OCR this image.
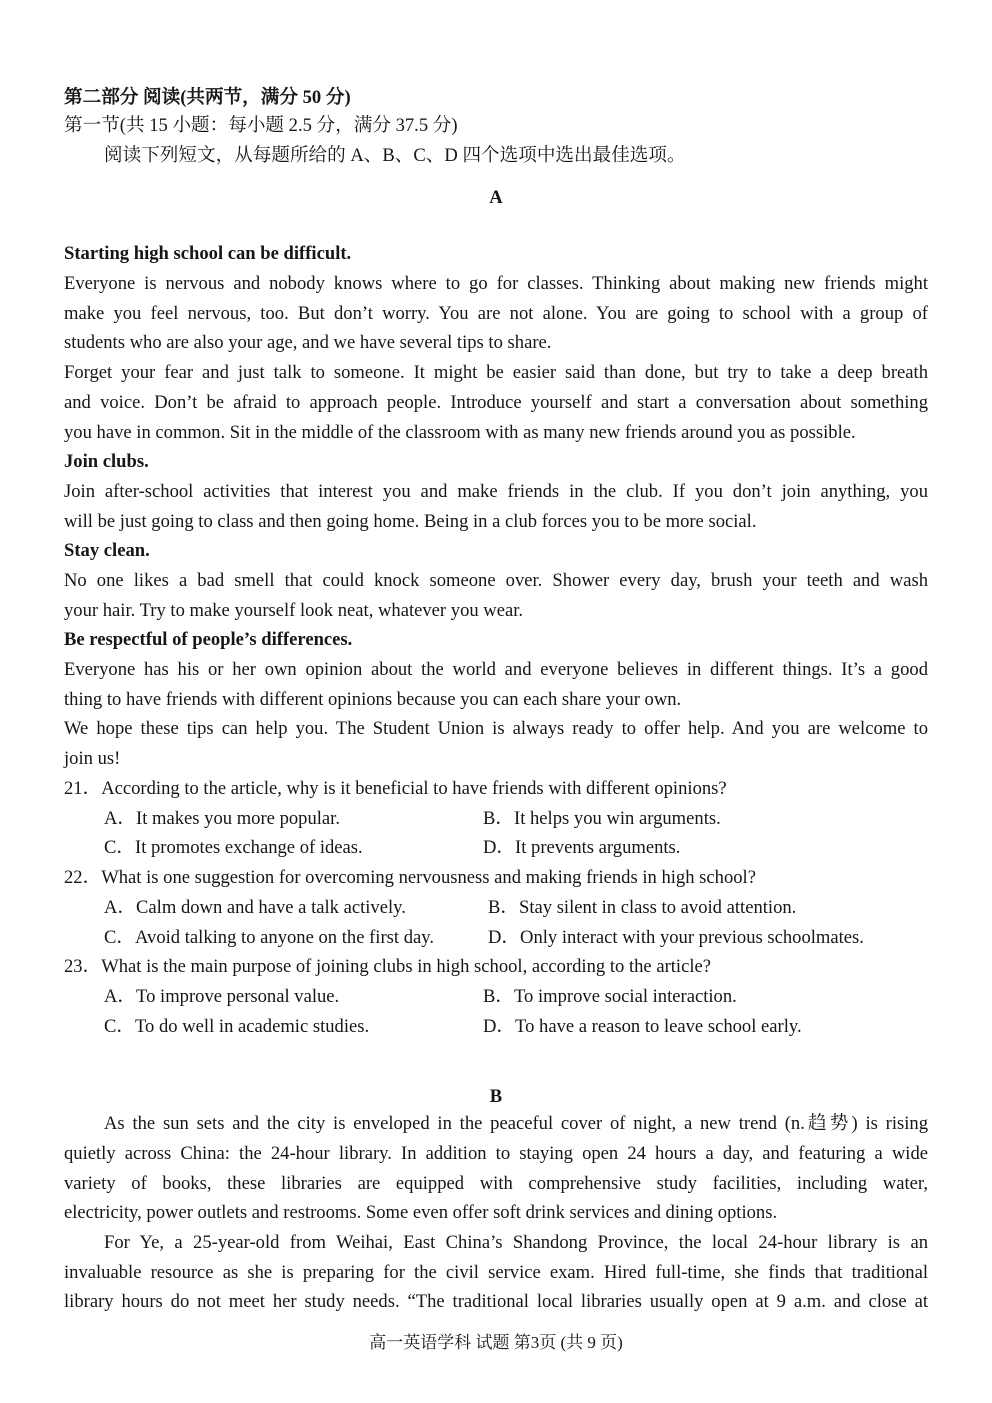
第二部分 阅读(共两节，满分 50 分)
第一节(共 15 小题：每小题 2.5 分，满分 37.5 分)
阅读下列短文，从每题所给的 A、B、C、D 四个选项中选出最佳选项。
A
Starting high school can be difficult.
Everyone is nervous and nobody knows where to go for classes. Thinking about making new friends might
make you feel nervous, too. But don’t worry. You are not alone. You are going to school with a group of
students who are also your age, and we have several tips to share.
Forget your fear and just talk to someone. It might be easier said than done, but try to take a deep breath
and voice. Don’t be afraid to approach people. Introduce yourself and start a conversation about something
you have in common. Sit in the middle of the classroom with as many new friends around you as possible.
Join clubs.
Join after-school activities that interest you and make friends in the club. If you don’t join anything, you
will be just going to class and then going home. Being in a club forces you to be more social.
Stay clean.
No one likes a bad smell that could knock someone over. Shower every day, brush your teeth and wash
your hair. Try to make yourself look neat, whatever you wear.
Be respectful of people’s differences.
Everyone has his or her own opinion about the world and everyone believes in different things. It’s a good
thing to have friends with different opinions because you can each share your own.
We hope these tips can help you. The Student Union is always ready to offer help. And you are welcome to
join us!
21．According to the article, why is it beneficial to have friends with different opinions?
A．It makes you more popular.	B．It helps you win arguments.
C．It promotes exchange of ideas.	D．It prevents arguments.
22．What is one suggestion for overcoming nervousness and making friends in high school?
A．Calm down and have a talk actively.	B．Stay silent in class to avoid attention.
C．Avoid talking to anyone on the first day.	D．Only interact with your previous schoolmates.
23．What is the main purpose of joining clubs in high school, according to the article?
A．To improve personal value.	B．To improve social interaction.
C．To do well in academic studies.	D．To have a reason to leave school early.
B
As the sun sets and the city is enveloped in the peaceful cover of night, a new trend (n.趋势) is rising
quietly across China: the 24-hour library. In addition to staying open 24 hours a day, and featuring a wide
variety of books, these libraries are equipped with comprehensive study facilities, including water,
electricity, power outlets and restrooms. Some even offer soft drink services and dining options.
For Ye, a 25-year-old from Weihai, East China’s Shandong Province, the local 24-hour library is an
invaluable resource as she is preparing for the civil service exam. Hired full-time, she finds that traditional
library hours do not meet her study needs. “The traditional local libraries usually open at 9 a.m. and close at
高一英语学科 试题 第3页 (共 9 页)
